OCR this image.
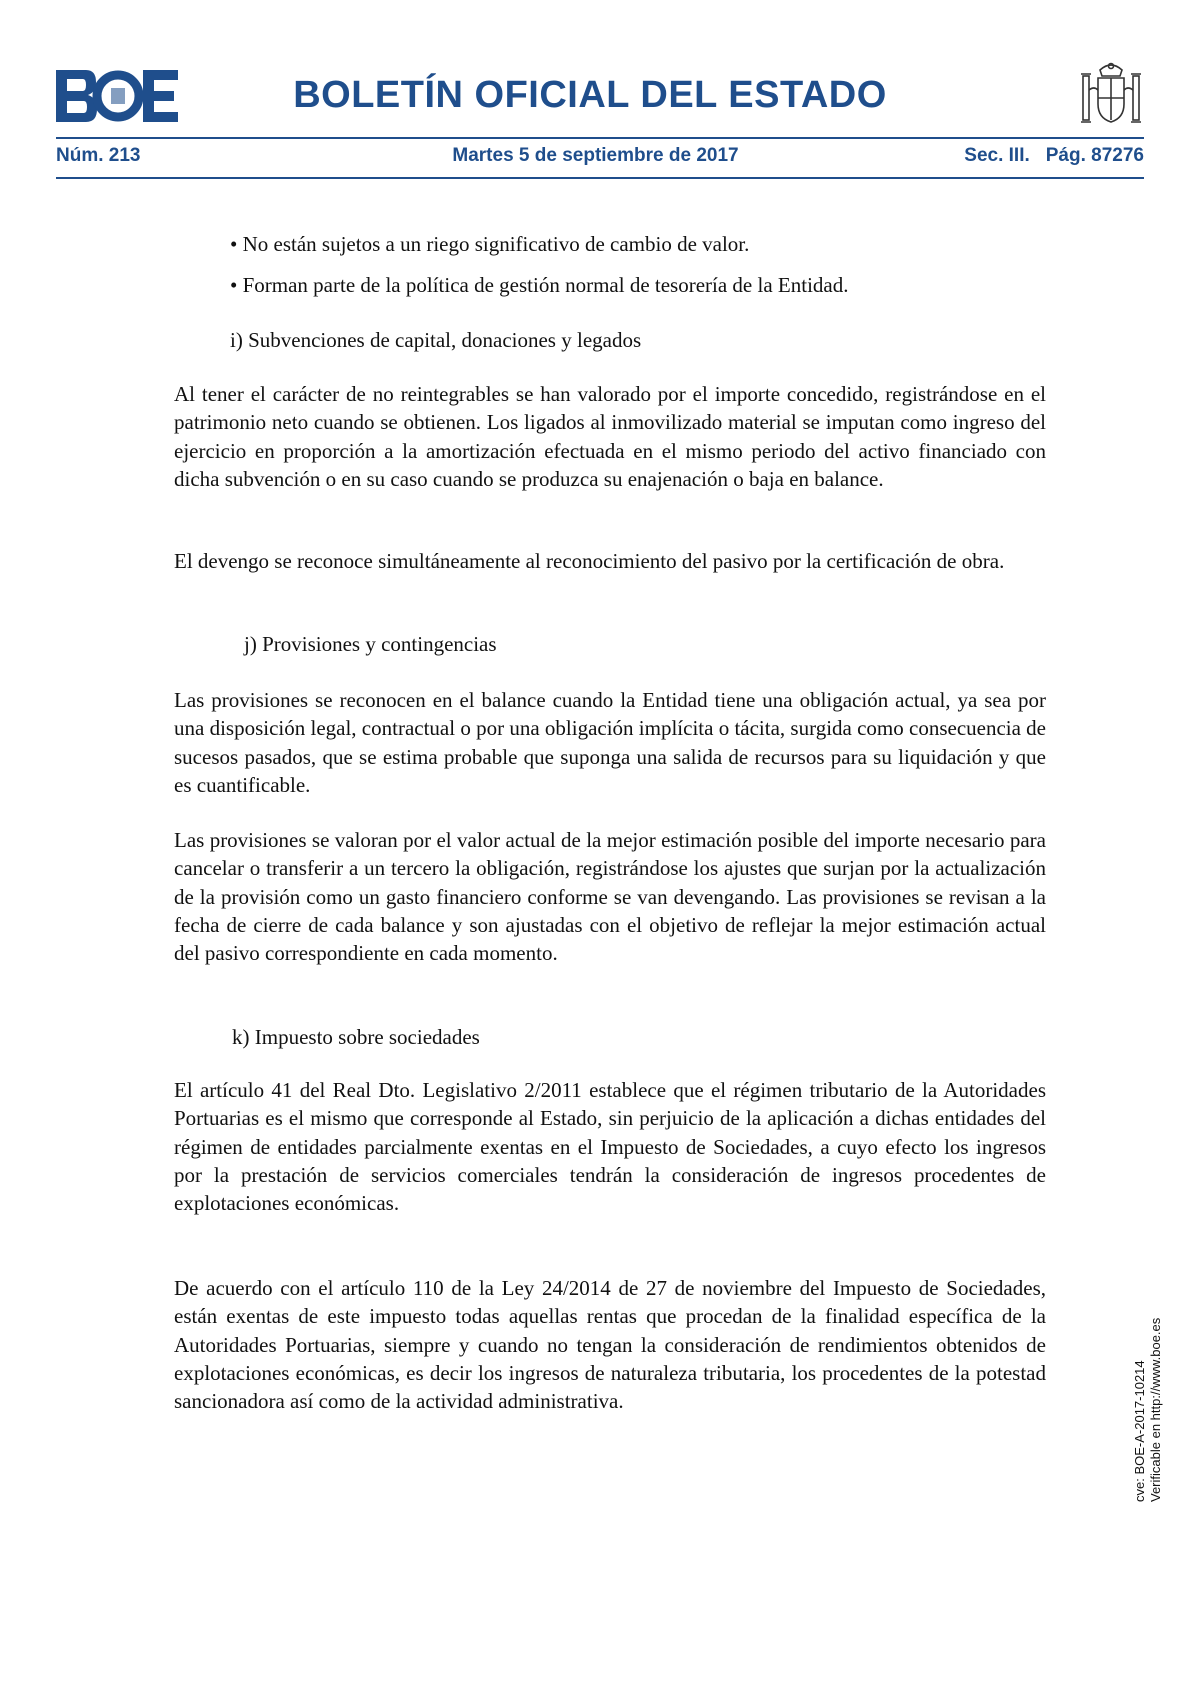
BOLETÍN OFICIAL DEL ESTADO
Núm. 213	Martes 5 de septiembre de 2017	Sec. III. Pág. 87276

• No están sujetos a un riego significativo de cambio de valor.

• Forman parte de la política de gestión normal de tesorería de la Entidad.

i) Subvenciones de capital, donaciones y legados

Al tener el carácter de no reintegrables se han valorado por el importe concedido, registrándose en el patrimonio neto cuando se obtienen. Los ligados al inmovilizado material se imputan como ingreso del ejercicio en proporción a la amortización efectuada en el mismo periodo del activo financiado con dicha subvención o en su caso cuando se produzca su enajenación o baja en balance.

El devengo se reconoce simultáneamente al reconocimiento del pasivo por la certificación de obra.

j) Provisiones y contingencias

Las provisiones se reconocen en el balance cuando la Entidad tiene una obligación actual, ya sea por una disposición legal, contractual o por una obligación implícita o tácita, surgida como consecuencia de sucesos pasados, que se estima probable que suponga una salida de recursos para su liquidación y que es cuantificable.

Las provisiones se valoran por el valor actual de la mejor estimación posible del importe necesario para cancelar o transferir a un tercero la obligación, registrándose los ajustes que surjan por la actualización de la provisión como un gasto financiero conforme se van devengando. Las provisiones se revisan a la fecha de cierre de cada balance y son ajustadas con el objetivo de reflejar la mejor estimación actual del pasivo correspondiente en cada momento.

k) Impuesto sobre sociedades

El artículo 41 del Real Dto. Legislativo 2/2011 establece que el régimen tributario de la Autoridades Portuarias es el mismo que corresponde al Estado, sin perjuicio de la aplicación a dichas entidades del régimen de entidades parcialmente exentas en el Impuesto de Sociedades, a cuyo efecto los ingresos por la prestación de servicios comerciales tendrán la consideración de ingresos procedentes de explotaciones económicas.

De acuerdo con el artículo 110 de la Ley 24/2014 de 27 de noviembre del Impuesto de Sociedades, están exentas de este impuesto todas aquellas rentas que procedan de la finalidad específica de la Autoridades Portuarias, siempre y cuando no tengan la consideración de rendimientos obtenidos de explotaciones económicas, es decir los ingresos de naturaleza tributaria, los procedentes de la potestad sancionadora así como de la actividad administrativa.	cve: BOE-A-2017-10214 Verificable en http://www.boe.es
